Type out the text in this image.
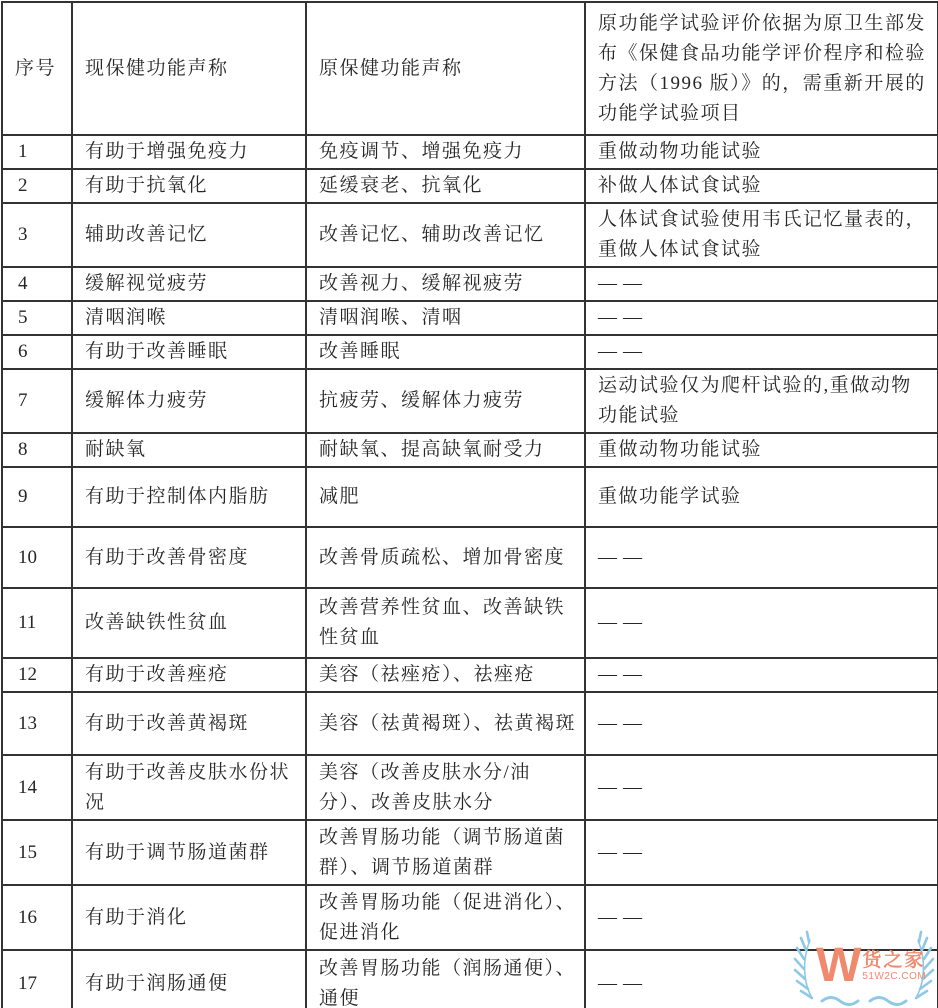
序号	现保健功能声称	原保健功能声称	原功能学试验评价依据为原卫生部发布《保健食品功能学评价程序和检验方法（1996 版）》的，需重新开展的功能学试验项目
1	有助于增强免疫力	免疫调节、增强免疫力	重做动物功能试验
2	有助于抗氧化	延缓衰老、抗氧化	补做人体试食试验
3	辅助改善记忆	改善记忆、辅助改善记忆	人体试食试验使用韦氏记忆量表的，重做人体试食试验
4	缓解视觉疲劳	改善视力、缓解视疲劳	——
5	清咽润喉	清咽润喉、清咽	——
6	有助于改善睡眠	改善睡眠	——
7	缓解体力疲劳	抗疲劳、缓解体力疲劳	运动试验仅为爬杆试验的,重做动物功能试验
8	耐缺氧	耐缺氧、提高缺氧耐受力	重做动物功能试验
9	有助于控制体内脂肪	减肥	重做功能学试验
10	有助于改善骨密度	改善骨质疏松、增加骨密度	——
11	改善缺铁性贫血	改善营养性贫血、改善缺铁性贫血	——
12	有助于改善痤疮	美容（祛痤疮）、祛痤疮	——
13	有助于改善黄褐斑	美容（祛黄褐斑）、祛黄褐斑	——
14	有助于改善皮肤水份状况	美容（改善皮肤水分/油分）、改善皮肤水分	——
15	有助于调节肠道菌群	改善胃肠功能（调节肠道菌群）、调节肠道菌群	——
16	有助于消化	改善胃肠功能（促进消化）、促进消化	——
17	有助于润肠通便	改善胃肠功能（润肠通便）、通便	——	W 货之家
51W2C.COM
